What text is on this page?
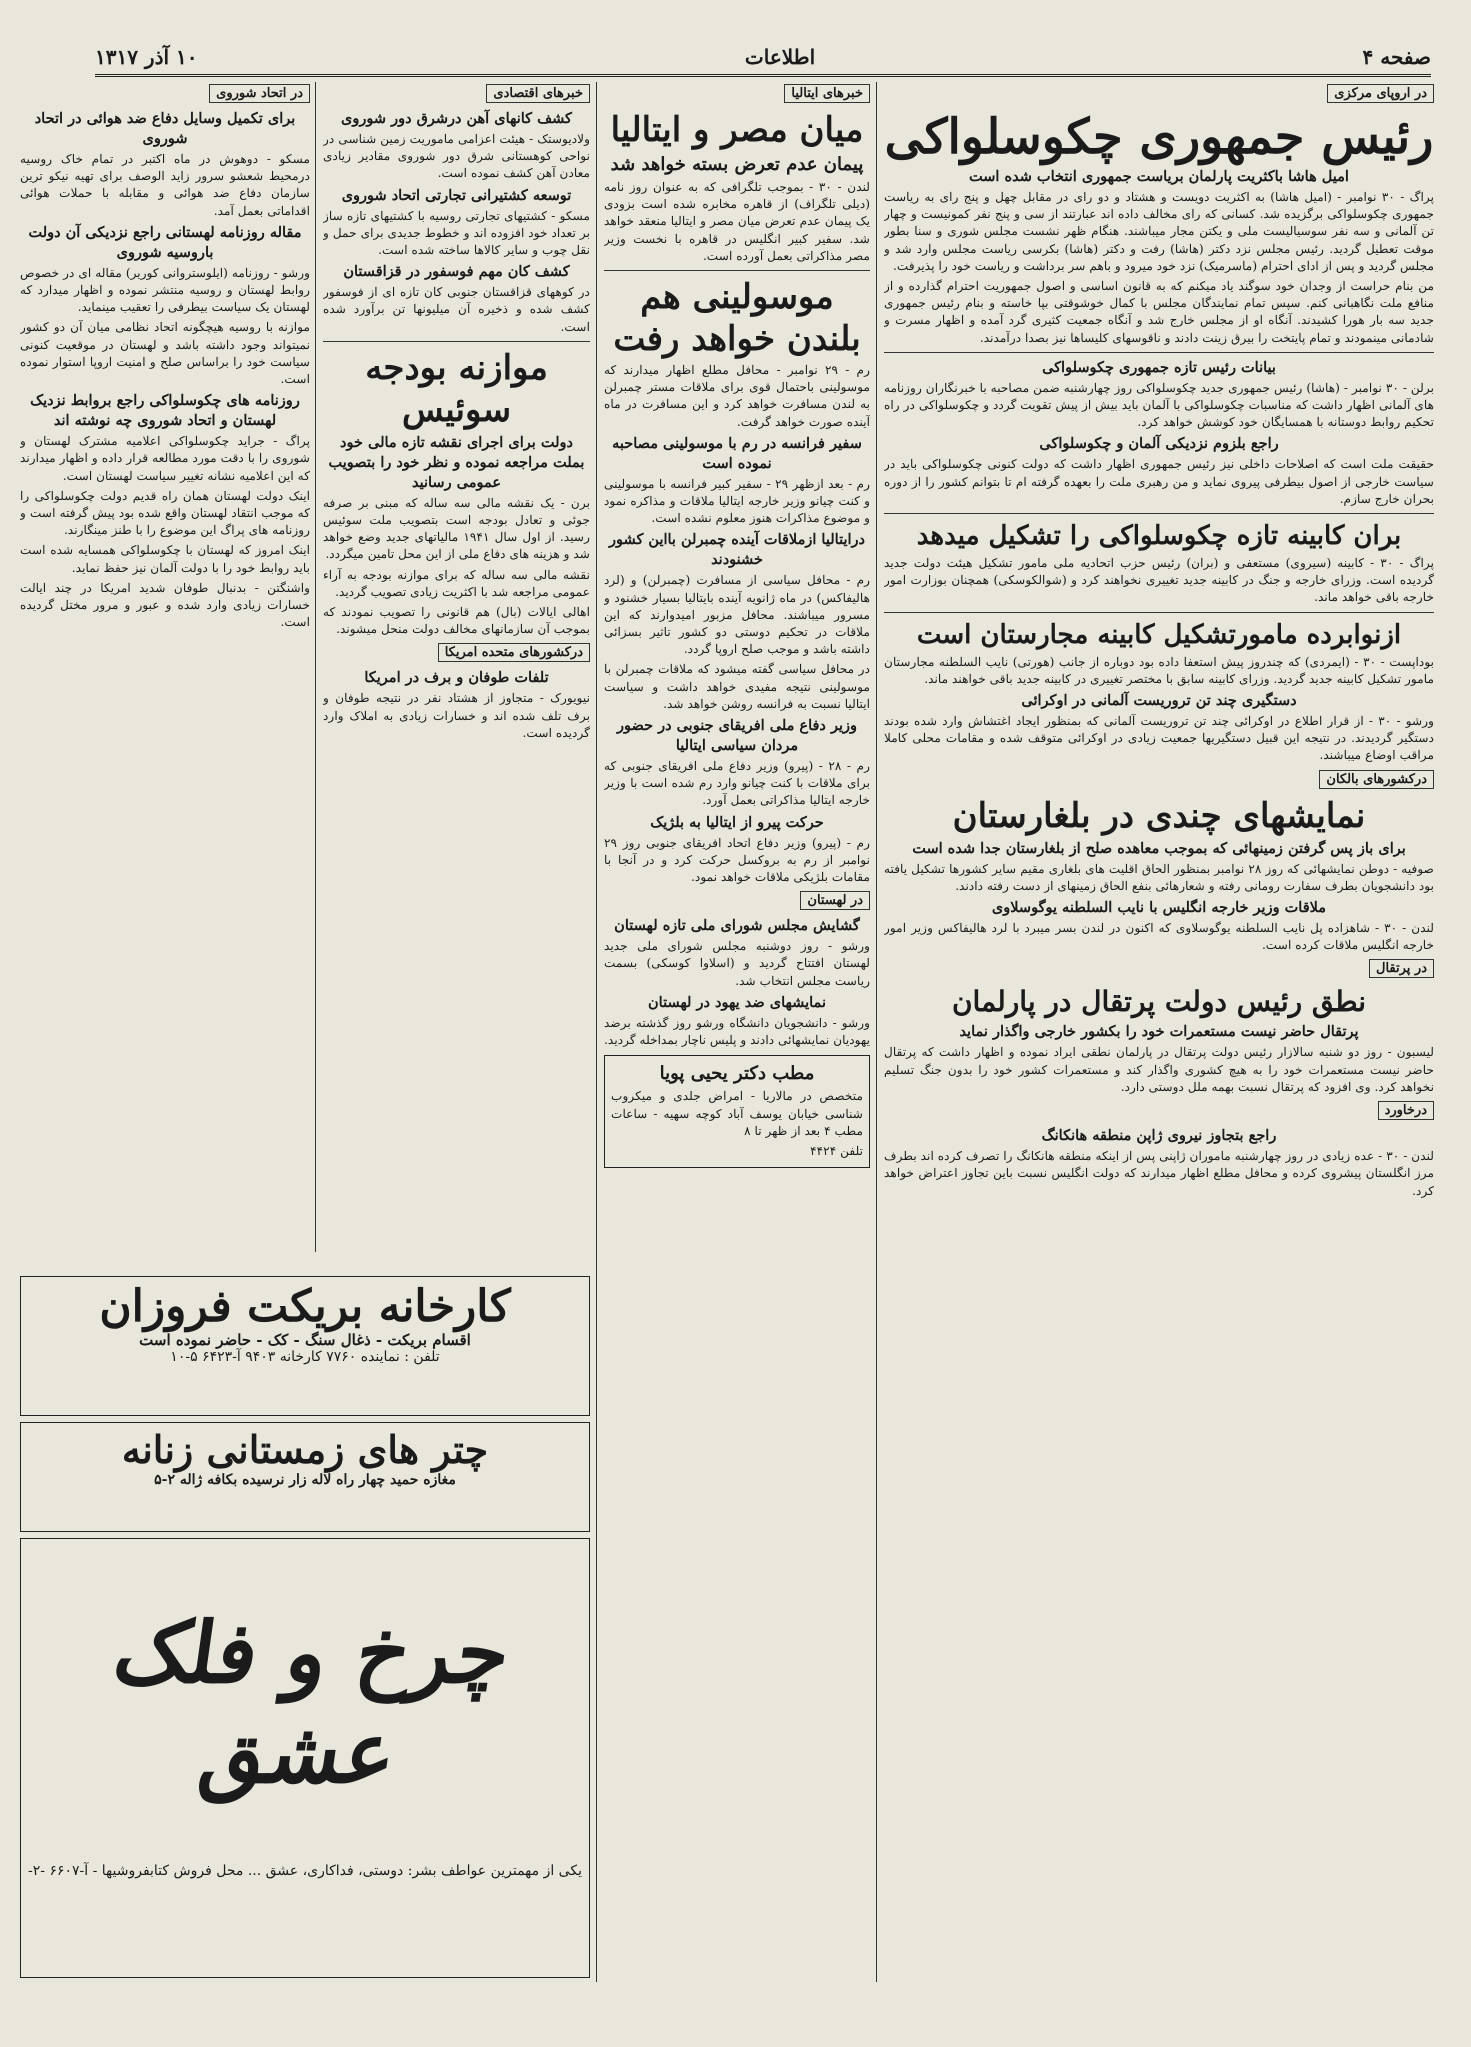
صفحه ۴
اطلاعات
۱۰ آذر ۱۳۱۷
در اروپای مرکزی
رئیس جمهوری چکوسلواکی
امیل هاشا باکثریت پارلمان بریاست جمهوری انتخاب شده است

پراگ - ۳۰ نوامبر - (امیل هاشا) به اکثریت دویست و هشتاد و دو رای در مقابل چهل و پنج رای به ریاست جمهوری چکوسلواکی برگزیده شد. کسانی که رای مخالف داده اند عبارتند از سی و پنج نفر کمونیست و چهار تن آلمانی و سه نفر سوسیالیست ملی و یکتن مجار میباشند. هنگام ظهر نشست مجلس شوری و سنا بطور موقت تعطیل گردید. رئیس مجلس نزد دکتر (هاشا) رفت و دکتر (هاشا) بکرسی ریاست مجلس وارد شد و مجلس گردید و پس از ادای احترام (ماسرمیک) نزد خود میرود و باهم سر برداشت و ریاست خود را پذیرفت.

من بنام حراست از وجدان خود سوگند یاد میکنم که به قانون اساسی و اصول جمهوریت احترام گذارده و از منافع ملت نگاهبانی کنم. سپس تمام نمایندگان مجلس با کمال خوشوقتی بپا خاسته و بنام رئیس جمهوری جدید سه بار هورا کشیدند. آنگاه او از مجلس خارج شد و آنگاه جمعیت کثیری گرد آمده و اظهار مسرت و شادمانی مینمودند و تمام پایتخت را بیرق زینت دادند و ناقوسهای کلیساها نیز بصدا درآمدند.

بیانات رئیس تازه جمهوری چکوسلواکی

برلن - ۳۰ نوامبر - (هاشا) رئیس جمهوری جدید چکوسلواکی روز چهارشنبه ضمن مصاحبه با خبرنگاران روزنامه های آلمانی اظهار داشت که مناسبات چکوسلواکی با آلمان باید بیش از پیش تقویت گردد و چکوسلواکی در راه تحکیم روابط دوستانه با همسایگان خود کوشش خواهد کرد.

راجع بلزوم نزدیکی آلمان و چکوسلواکی

حقیقت ملت است که اصلاحات داخلی نیز رئیس جمهوری اظهار داشت که دولت کنونی چکوسلواکی باید در سیاست خارجی از اصول بیطرفی پیروی نماید و من رهبری ملت را بعهده گرفته ام تا بتوانم کشور را از دوره بحران خارج سازم.

بران کابینه تازه چکوسلواکی را تشکیل میدهد

پراگ - ۳۰ - کابینه (سیروی) مستعفی و (بران) رئیس حزب اتحادیه ملی مامور تشکیل هیئت دولت جدید گردیده است. وزرای خارجه و جنگ در کابینه جدید تغییری نخواهند کرد و (شوالکوسکی) همچنان بوزارت امور خارجه باقی خواهد ماند.

ازنوابرده مامورتشکیل کابینه مجارستان است

بوداپست - ۳۰ - (ایمردی) که چندروز پیش استعفا داده بود دوباره از جانب (هورتی) نایب السلطنه مجارستان مامور تشکیل کابینه جدید گردید. وزرای کابینه سابق با مختصر تغییری در کابینه جدید باقی خواهند ماند.

دستگیری چند تن تروریست آلمانی در اوکرائی

ورشو - ۳۰ - از قرار اطلاع در اوکرائی چند تن تروریست آلمانی که بمنظور ایجاد اغتشاش وارد شده بودند دستگیر گردیدند. در نتیجه این قبیل دستگیریها جمعیت زیادی در اوکرائی متوقف شده و مقامات محلی کاملا مراقب اوضاع میباشند.

درکشورهای بالکان
نمایشهای چندی در بلغارستان
برای باز پس گرفتن زمینهائی که بموجب معاهده صلح از بلغارستان جدا شده است

صوفیه - دوطن نمایشهائی که روز ۲۸ نوامبر بمنظور الحاق اقلیت های بلغاری مقیم سایر کشورها تشکیل یافته بود دانشجویان بطرف سفارت رومانی رفته و شعارهائی بنفع الحاق زمینهای از دست رفته دادند.

ملاقات وزیر خارجه انگلیس با نایب السلطنه یوگوسلاوی

لندن - ۳۰ - شاهزاده پل نایب السلطنه یوگوسلاوی که اکنون در لندن بسر میبرد با لرد هالیفاکس وزیر امور خارجه انگلیس ملاقات کرده است.

در پرتقال
نطق رئیس دولت پرتقال در پارلمان
پرتقال حاضر نیست مستعمرات خود را بکشور خارجی واگذار نماید

لیسبون - روز دو شنبه سالازار رئیس دولت پرتقال در پارلمان نطقی ایراد نموده و اظهار داشت که پرتقال حاضر نیست مستعمرات خود را به هیچ کشوری واگذار کند و مستعمرات کشور خود را بدون جنگ تسلیم نخواهد کرد. وی افزود که پرتقال نسبت بهمه ملل دوستی دارد.

درخاورد
راجع بتجاوز نیروی ژاپن منطقه هانکانگ

لندن - ۳۰ - عده زیادی در روز چهارشنبه ماموران ژاپنی پس از اینکه منطقه هانکانگ را تصرف کرده اند بطرف مرز انگلستان پیشروی کرده و محافل مطلع اظهار میدارند که دولت انگلیس نسبت باین تجاوز اعتراض خواهد کرد.

خبرهای ایتالیا
میان مصر و ایتالیا
پیمان عدم تعرض بسته خواهد شد

لندن - ۳۰ - بموجب تلگرافی که به عنوان روز نامه (دیلی تلگراف) از قاهره مخابره شده است بزودی یک پیمان عدم تعرض میان مصر و ایتالیا منعقد خواهد شد. سفیر کبیر انگلیس در قاهره با نخست وزیر مصر مذاکراتی بعمل آورده است.

موسولینی هم بلندن خواهد رفت

رم - ۲۹ نوامبر - محافل مطلع اظهار میدارند که موسولینی باحتمال قوی برای ملاقات مستر چمبرلن به لندن مسافرت خواهد کرد و این مسافرت در ماه آینده صورت خواهد گرفت.

سفیر فرانسه در رم با موسولینی مصاحبه نموده است

رم - بعد ازظهر ۲۹ - سفیر کبیر فرانسه با موسولینی و کنت چیانو وزیر خارجه ایتالیا ملاقات و مذاکره نمود و موضوع مذاکرات هنوز معلوم نشده است.

درایتالیا ازملاقات آینده چمبرلن بااین کشور خشنودند

رم - محافل سیاسی از مسافرت (چمبرلن) و (لرد هالیفاکس) در ماه ژانویه آینده بایتالیا بسیار خشنود و مسرور میباشند. محافل مزبور امیدوارند که این ملاقات در تحکیم دوستی دو کشور تاثیر بسزائی داشته باشد و موجب صلح اروپا گردد.

در محافل سیاسی گفته میشود که ملاقات چمبرلن با موسولینی نتیجه مفیدی خواهد داشت و سیاست ایتالیا نسبت به فرانسه روشن خواهد شد.

وزیر دفاع ملی افریقای جنوبی در حضور مردان سیاسی ایتالیا

رم - ۲۸ - (پیرو) وزیر دفاع ملی افریقای جنوبی که برای ملاقات با کنت چیانو وارد رم شده است با وزیر خارجه ایتالیا مذاکراتی بعمل آورد.

حرکت پیرو از ایتالیا به بلژیک

رم - (پیرو) وزیر دفاع اتحاد افریقای جنوبی روز ۲۹ نوامبر از رم به بروکسل حرکت کرد و در آنجا با مقامات بلژیکی ملاقات خواهد نمود.

در لهستان
گشایش مجلس شورای ملی تازه لهستان

ورشو - روز دوشنبه مجلس شورای ملی جدید لهستان افتتاح گردید و (اسلاوا کوسکی) بسمت ریاست مجلس انتخاب شد.

نمایشهای ضد یهود در لهستان

ورشو - دانشجویان دانشگاه ورشو روز گذشته برضد یهودیان نمایشهائی دادند و پلیس ناچار بمداخله گردید.

مطب دکتر یحیی پویا

متخصص در مالاریا - امراض جلدی و میکروب شناسی خیابان یوسف آباد کوچه سهیه - ساعات مطب ۴ بعد از ظهر تا ۸

تلفن ۴۴۲۴

خبرهای اقتصادی
کشف کانهای آهن درشرق دور شوروی

ولادیوستک - هیئت اعزامی ماموریت زمین شناسی در نواحی کوهستانی شرق دور شوروی مقادیر زیادی معادن آهن کشف نموده است.

توسعه کشتیرانی تجارتی اتحاد شوروی

مسکو - کشتیهای تجارتی روسیه با کشتیهای تازه ساز بر تعداد خود افزوده اند و خطوط جدیدی برای حمل و نقل چوب و سایر کالاها ساخته شده است.

کشف کان مهم فوسفور در قزاقستان

در کوههای قزاقستان جنوبی کان تازه ای از فوسفور کشف شده و ذخیره آن میلیونها تن برآورد شده است.

موازنه بودجه سوئیس
دولت برای اجرای نقشه تازه مالی خود بملت مراجعه نموده و نظر خود را بتصویب عمومی رسانید

برن - یک نقشه مالی سه ساله که مبنی بر صرفه جوئی و تعادل بودجه است بتصویب ملت سوئیس رسید. از اول سال ۱۹۴۱ مالیاتهای جدید وضع خواهد شد و هزینه های دفاع ملی از این محل تامین میگردد.

نقشه مالی سه ساله که برای موازنه بودجه به آراء عمومی مراجعه شد با اکثریت زیادی تصویب گردید.

اهالی ایالات (بال) هم قانونی را تصویب نمودند که بموجب آن سازمانهای مخالف دولت منحل میشوند.

درکشورهای متحده امریکا
تلفات طوفان و برف در امریکا

نیویورک - متجاوز از هشتاد نفر در نتیجه طوفان و برف تلف شده اند و خسارات زیادی به املاک وارد گردیده است.

در اتحاد شوروی
برای تکمیل وسایل دفاع ضد هوائی در اتحاد شوروی

مسکو - دوهوش در ماه اکتبر در تمام خاک روسیه درمحیط شعشو سرور زاید الوصف برای تهیه نیکو ترین سازمان دفاع ضد هوائی و مقابله با حملات هوائی اقداماتی بعمل آمد.

مقاله روزنامه لهستانی راجع نزدیکی آن دولت باروسیه شوروی

ورشو - روزنامه (ایلوستروانی کوریر) مقاله ای در خصوص روابط لهستان و روسیه منتشر نموده و اظهار میدارد که لهستان یک سیاست بیطرفی را تعقیب مینماید.

موازنه با روسیه هیچگونه اتحاد نظامی میان آن دو کشور نمیتواند وجود داشته باشد و لهستان در موقعیت کنونی سیاست خود را براساس صلح و امنیت اروپا استوار نموده است.

روزنامه های چکوسلواکی راجع بروابط نزدیک لهستان و اتحاد شوروی چه نوشته اند

پراگ - جراید چکوسلواکی اعلامیه مشترک لهستان و شوروی را با دقت مورد مطالعه قرار داده و اظهار میدارند که این اعلامیه نشانه تغییر سیاست لهستان است.

اینک دولت لهستان همان راه قدیم دولت چکوسلواکی را که موجب انتقاد لهستان واقع شده بود پیش گرفته است و روزنامه های پراگ این موضوع را با طنز مینگارند.

اینک امروز که لهستان با چکوسلواکی همسایه شده است باید روابط خود را با دولت آلمان نیز حفظ نماید.

واشنگتن - بدنبال طوفان شدید امریکا در چند ایالت خسارات زیادی وارد شده و عبور و مرور مختل گردیده است.

کارخانه بریکت فروزان
اقسام بریکت - ذغال سنگ - کک - حاضر نموده است
تلفن : نماینده ۷۷۶۰ کارخانه ۹۴۰۳ آ-۶۴۲۳ ۵-۱۰
چتر های زمستانی زنانه
مغازه حمید چهار راه لاله زار نرسیده بکافه ژاله ۲-۵
چرخ و فلک عشق
یکی از مهمترین عواطف بشر: دوستی، فداکاری، عشق ... محل فروش کتابفروشیها - آ-۶۶۰۷ -۲-
